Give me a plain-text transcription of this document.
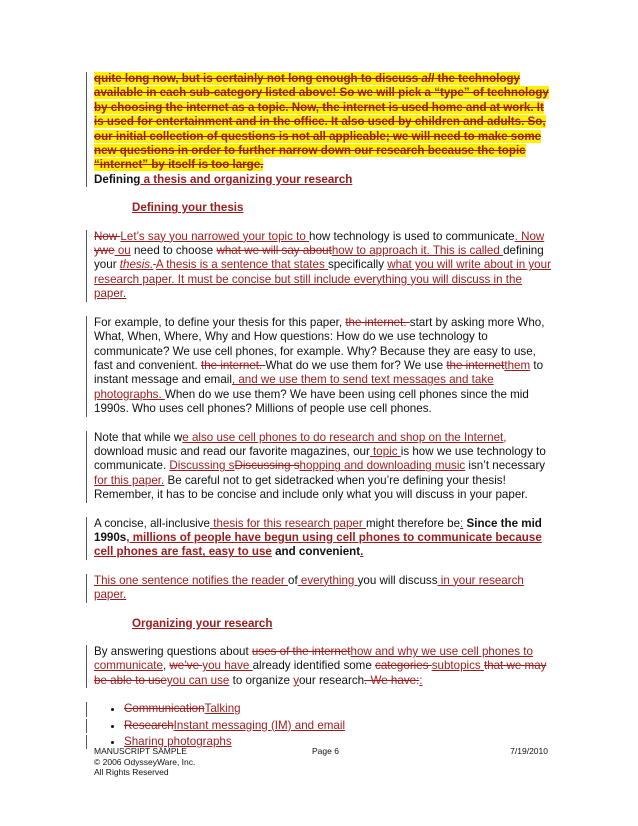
quite long now, but is certainly not long enough to discuss all the technology available in each sub-category listed above! So we will pick a “type” of technology by choosing the internet as a topic. Now, the internet is used home and at work. It is used for entertainment and in the office. It also used by children and adults. So, our initial collection of questions is not all applicable; we will need to make some new questions in order to further narrow down our research because the topic “internet” by itself is too large.
Defining a thesis and organizing your research

Defining your thesis

Now Let’s say you narrowed your topic to how technology is used to communicate. Now ywe ou need to choose what we will say abouthow to approach it. This is called defining your thesis. A thesis is a sentence that states specifically what you will write about in your research paper. It must be concise but still include everything you will discuss in the paper.

For example, to define your thesis for this paper, the internet. start by asking more Who, What, When, Where, Why and How questions: How do we use technology to communicate? We use cell phones, for example. Why? Because they are easy to use, fast and convenient. the internet. What do we use them for? We use the internetthem to instant message and email, and we use them to send text messages and take photographs. When do we use them? We have been using cell phones since the mid 1990s. Who uses cell phones? Millions of people use cell phones.

Note that while we also use cell phones to do research and shop on the Internet, download music and read our favorite magazines, our topic is how we use technology to communicate. Discussing sDiscussing shopping and downloading music isn’t necessary for this paper. Be careful not to get sidetracked when you’re defining your thesis! Remember, it has to be concise and include only what you will discuss in your paper.

A concise, all-inclusive thesis for this research paper might therefore be: Since the mid 1990s, millions of people have begun using cell phones to communicate because cell phones are fast, easy to use and convenient.

This one sentence notifies the reader of everything you will discuss in your research paper.

Organizing your research

By answering questions about uses of the internethow and why we use cell phones to communicate, we’ve you have already identified some categories subtopics that we may be able to useyou can use to organize your research. We have::

• CommunicationTalking
• ResearchInstant messaging (IM) and email
• Sharing photographs
MANUSCRIPT SAMPLE
© 2006 OdysseyWare, Inc.
All Rights Reserved
Page 6	7/19/2010
